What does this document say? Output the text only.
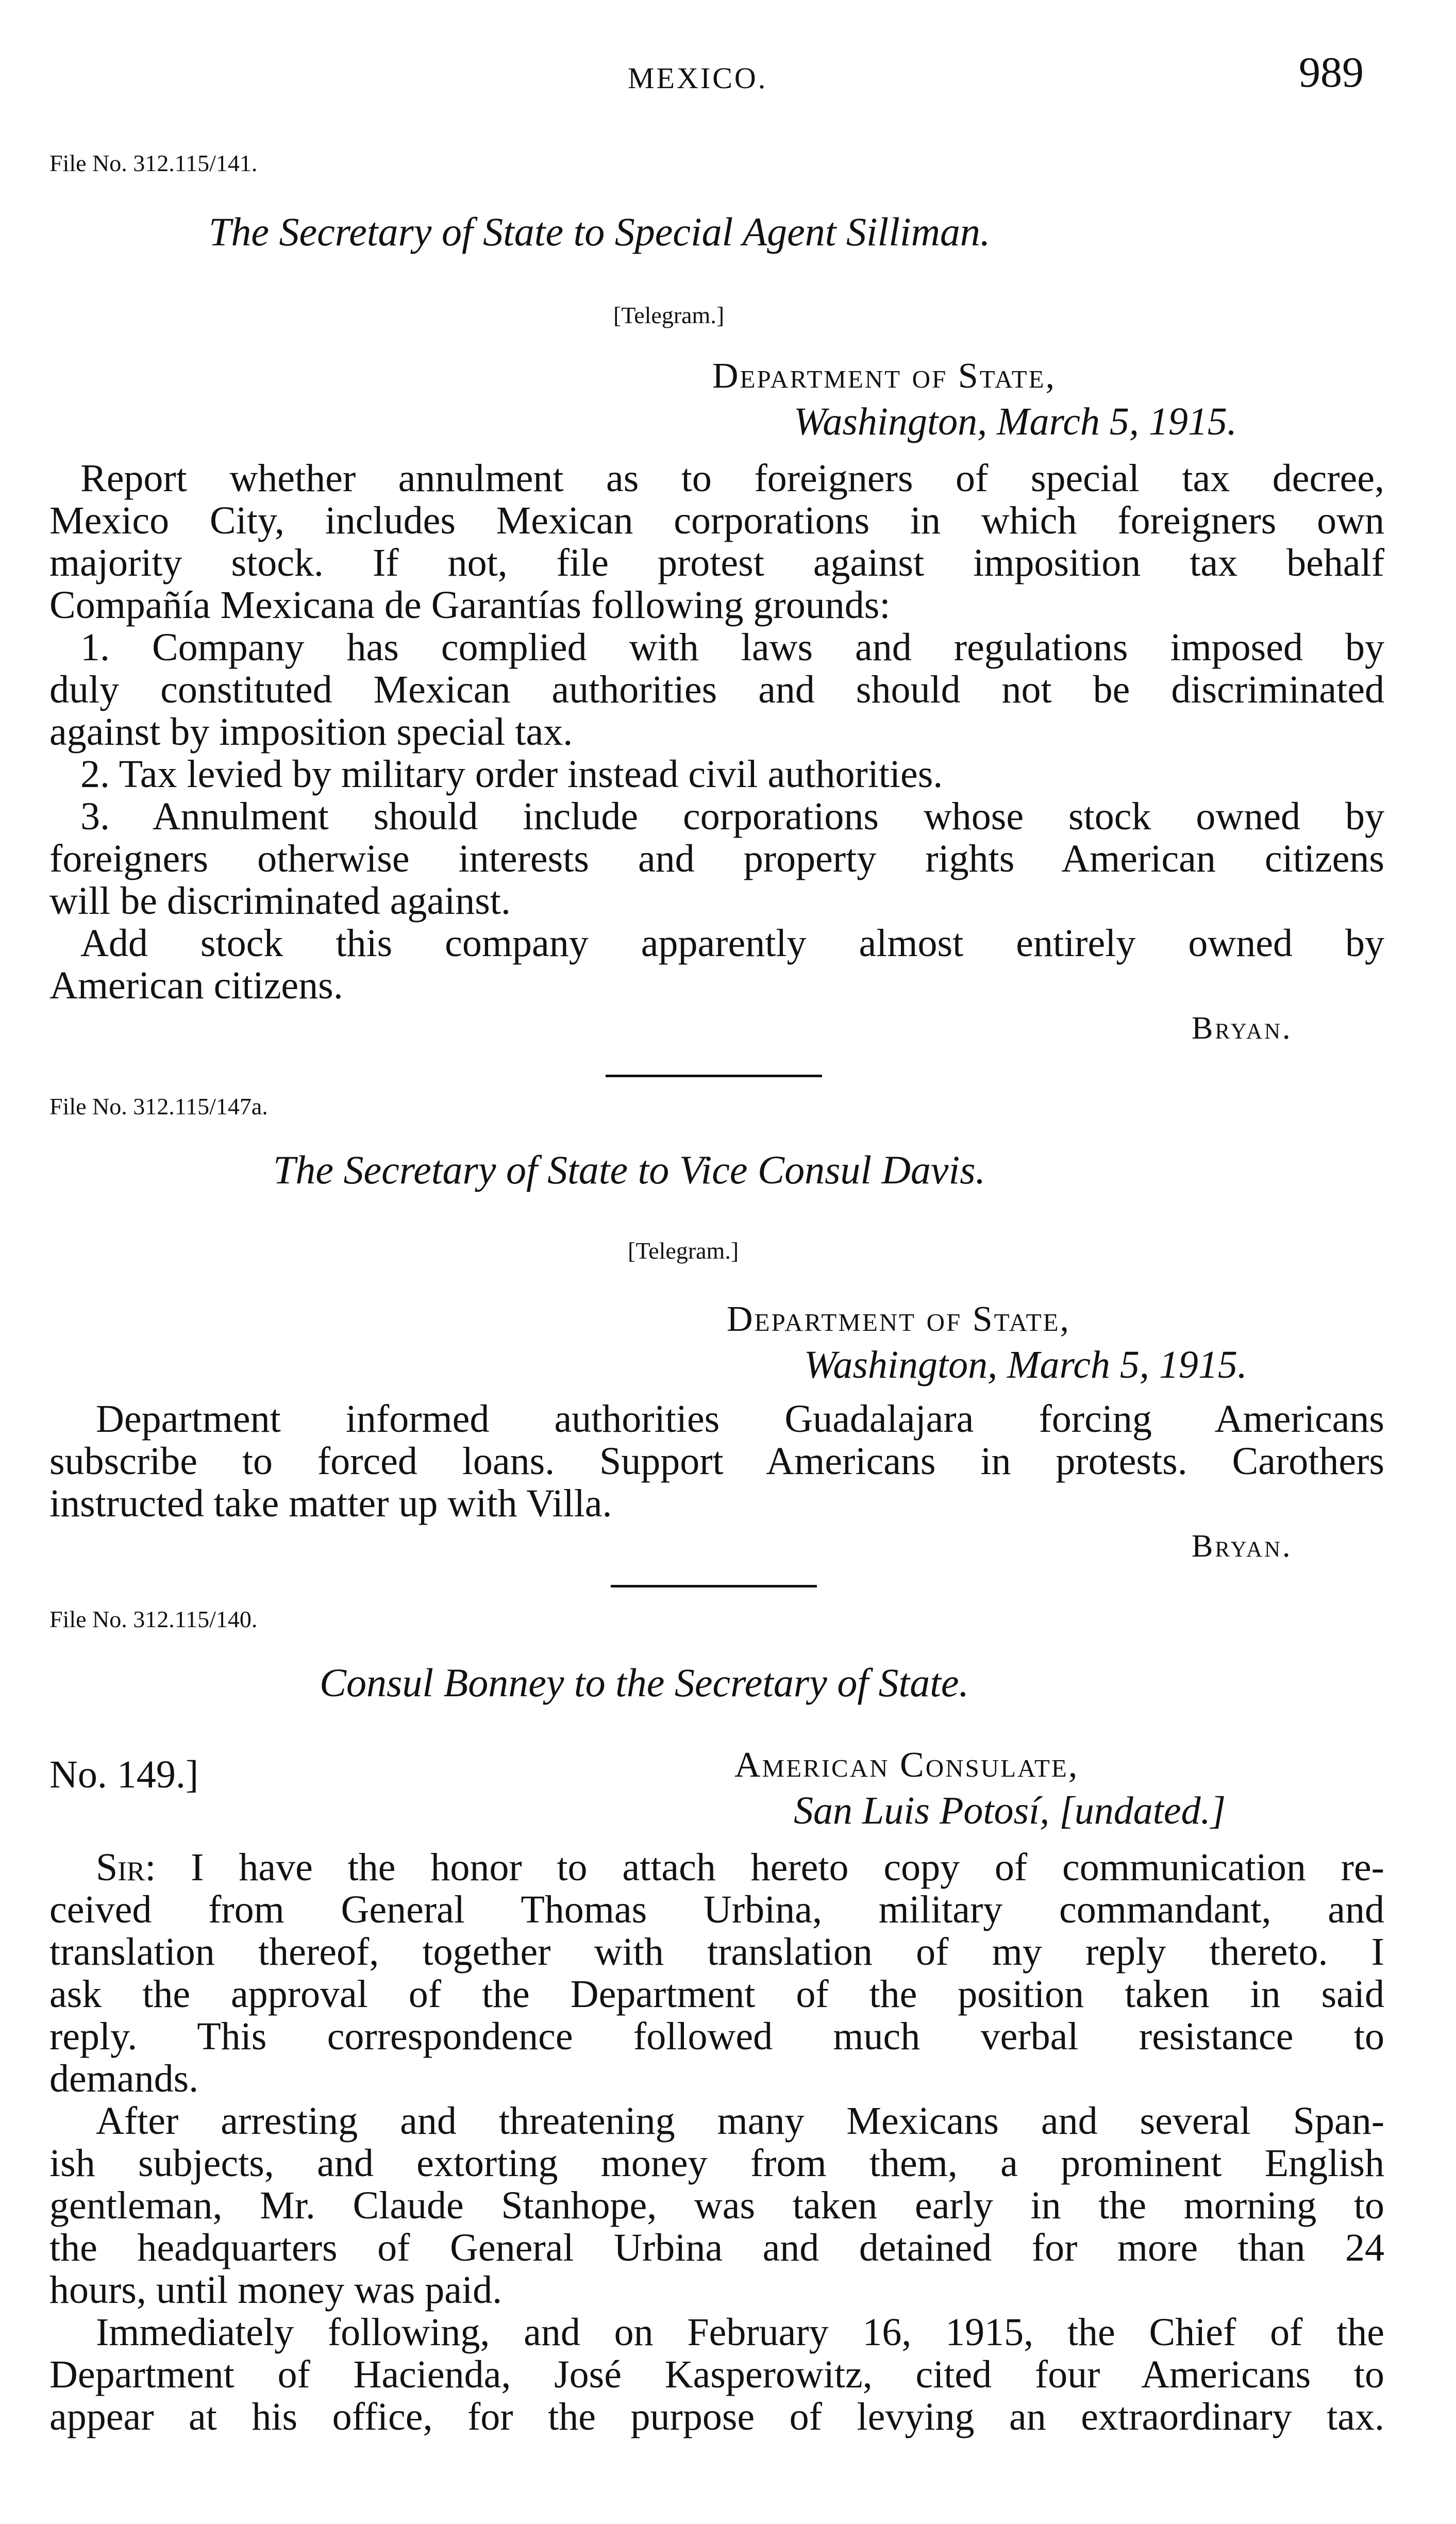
MEXICO.	989
File No. 312.115/141.
The Secretary of State to Special Agent Silliman.
[Telegram.]
Department of State,
Washington, March 5, 1915.
Report whether annulment as to foreigners of special tax decree,
Mexico City, includes Mexican corporations in which foreigners own
majority stock. If not, file protest against imposition tax behalf
Compañía Mexicana de Garantías following grounds:
1. Company has complied with laws and regulations imposed by
duly constituted Mexican authorities and should not be discriminated
against by imposition special tax.
2. Tax levied by military order instead civil authorities.
3. Annulment should include corporations whose stock owned by
foreigners otherwise interests and property rights American citizens
will be discriminated against.
Add stock this company apparently almost entirely owned by
American citizens.
Bryan.
File No. 312.115/147a.
The Secretary of State to Vice Consul Davis.
[Telegram.]
Department of State,
Washington, March 5, 1915.
Department informed authorities Guadalajara forcing Americans
subscribe to forced loans. Support Americans in protests. Carothers
instructed take matter up with Villa.
Bryan.
File No. 312.115/140.
Consul Bonney to the Secretary of State.
No. 149.]	American Consulate,
San Luis Potosí, [undated.]
Sir: I have the honor to attach hereto copy of communication re-
ceived from General Thomas Urbina, military commandant, and
translation thereof, together with translation of my reply thereto. I
ask the approval of the Department of the position taken in said
reply. This correspondence followed much verbal resistance to
demands.
After arresting and threatening many Mexicans and several Span-
ish subjects, and extorting money from them, a prominent English
gentleman, Mr. Claude Stanhope, was taken early in the morning to
the headquarters of General Urbina and detained for more than 24
hours, until money was paid.
Immediately following, and on February 16, 1915, the Chief of the
Department of Hacienda, José Kasperowitz, cited four Americans to
appear at his office, for the purpose of levying an extraordinary tax.
